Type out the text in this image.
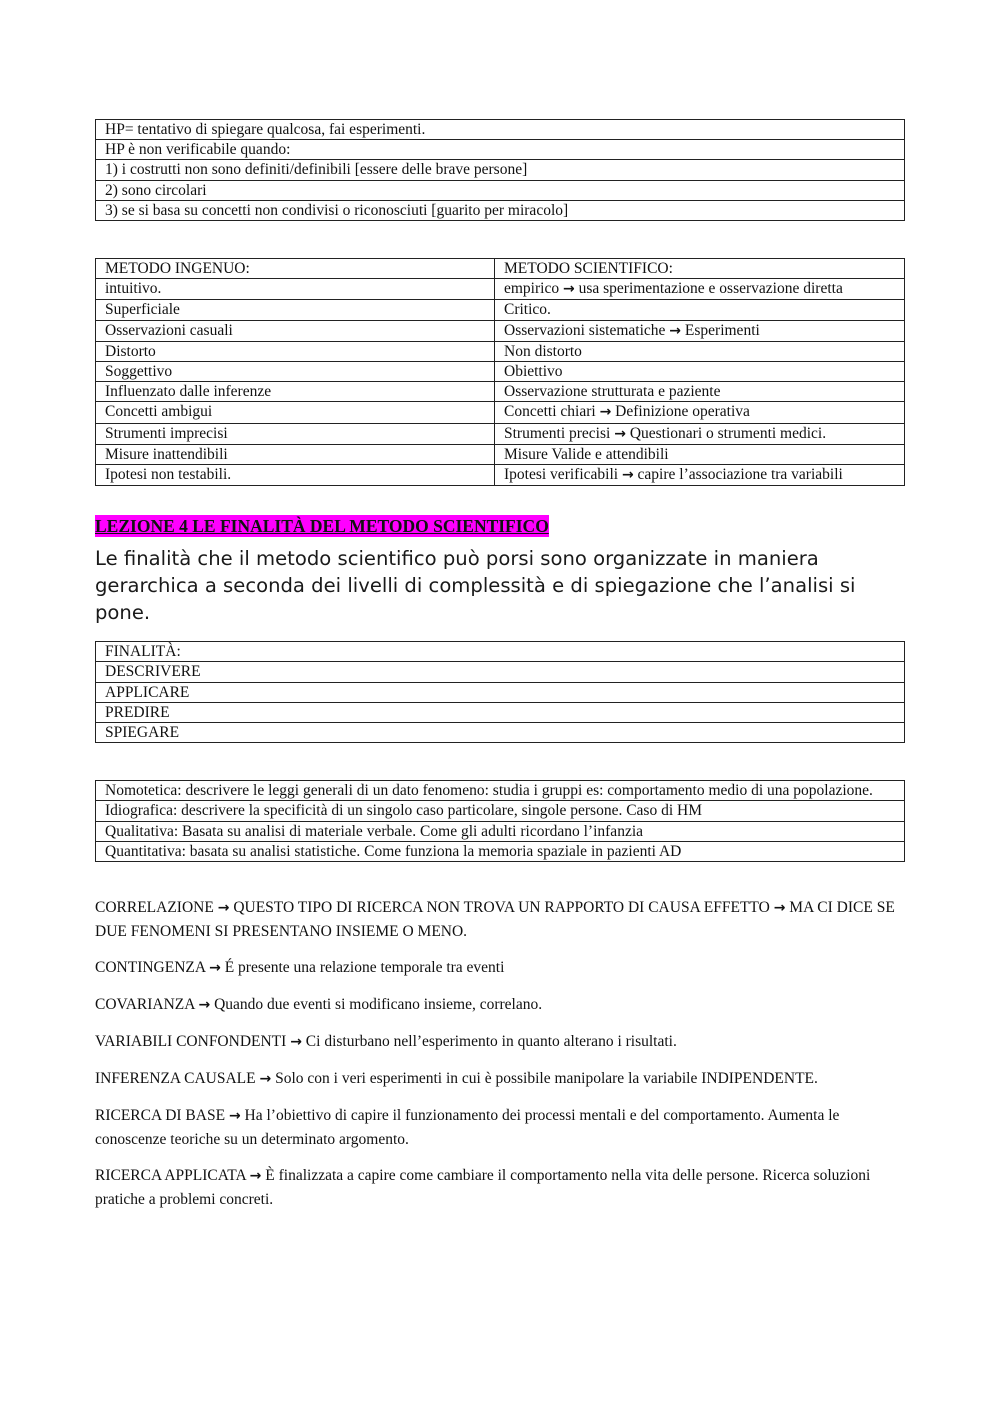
HP= tentativo di spiegare qualcosa, fai esperimenti.
HP è non verificabile quando:
1) i costrutti non sono definiti/definibili [essere delle brave persone]
2) sono circolari
3) se si basa su concetti non condivisi o riconosciuti [guarito per miracolo]
METODO INGENUO:	METODO SCIENTIFICO:
intuitivo.	empirico → usa sperimentazione e osservazione diretta
Superficiale	Critico.
Osservazioni casuali	Osservazioni sistematiche → Esperimenti
Distorto	Non distorto
Soggettivo	Obiettivo
Influenzato dalle inferenze	Osservazione strutturata e paziente
Concetti ambigui	Concetti chiari → Definizione operativa
Strumenti imprecisi	Strumenti precisi → Questionari o strumenti medici.
Misure inattendibili	Misure Valide e attendibili
Ipotesi non testabili.	Ipotesi verificabili → capire l’associazione tra variabili
LEZIONE 4 LE FINALITÀ DEL METODO SCIENTIFICO

Le finalità che il metodo scientifico può porsi sono organizzate in maniera gerarchica a seconda dei livelli di complessità e di spiegazione che l’analisi si pone.

FINALITÀ:
DESCRIVERE
APPLICARE
PREDIRE
SPIEGARE
Nomotetica: descrivere le leggi generali di un dato fenomeno: studia i gruppi es: comportamento medio di una popolazione.
Idiografica: descrivere la specificità di un singolo caso particolare, singole persone. Caso di HM
Qualitativa: Basata su analisi di materiale verbale. Come gli adulti ricordano l’infanzia
Quantitativa: basata su analisi statistiche. Come funziona la memoria spaziale in pazienti AD

CORRELAZIONE → QUESTO TIPO DI RICERCA NON TROVA UN RAPPORTO DI CAUSA EFFETTO → MA CI DICE SE DUE FENOMENI SI PRESENTANO INSIEME O MENO.

CONTINGENZA → É presente una relazione temporale tra eventi

COVARIANZA → Quando due eventi si modificano insieme, correlano.

VARIABILI CONFONDENTI → Ci disturbano nell’esperimento in quanto alterano i risultati.

INFERENZA CAUSALE → Solo con i veri esperimenti in cui è possibile manipolare la variabile INDIPENDENTE.

RICERCA DI BASE → Ha l’obiettivo di capire il funzionamento dei processi mentali e del comportamento. Aumenta le conoscenze teoriche su un determinato argomento.

RICERCA APPLICATA → È finalizzata a capire come cambiare il comportamento nella vita delle persone. Ricerca soluzioni pratiche a problemi concreti.
